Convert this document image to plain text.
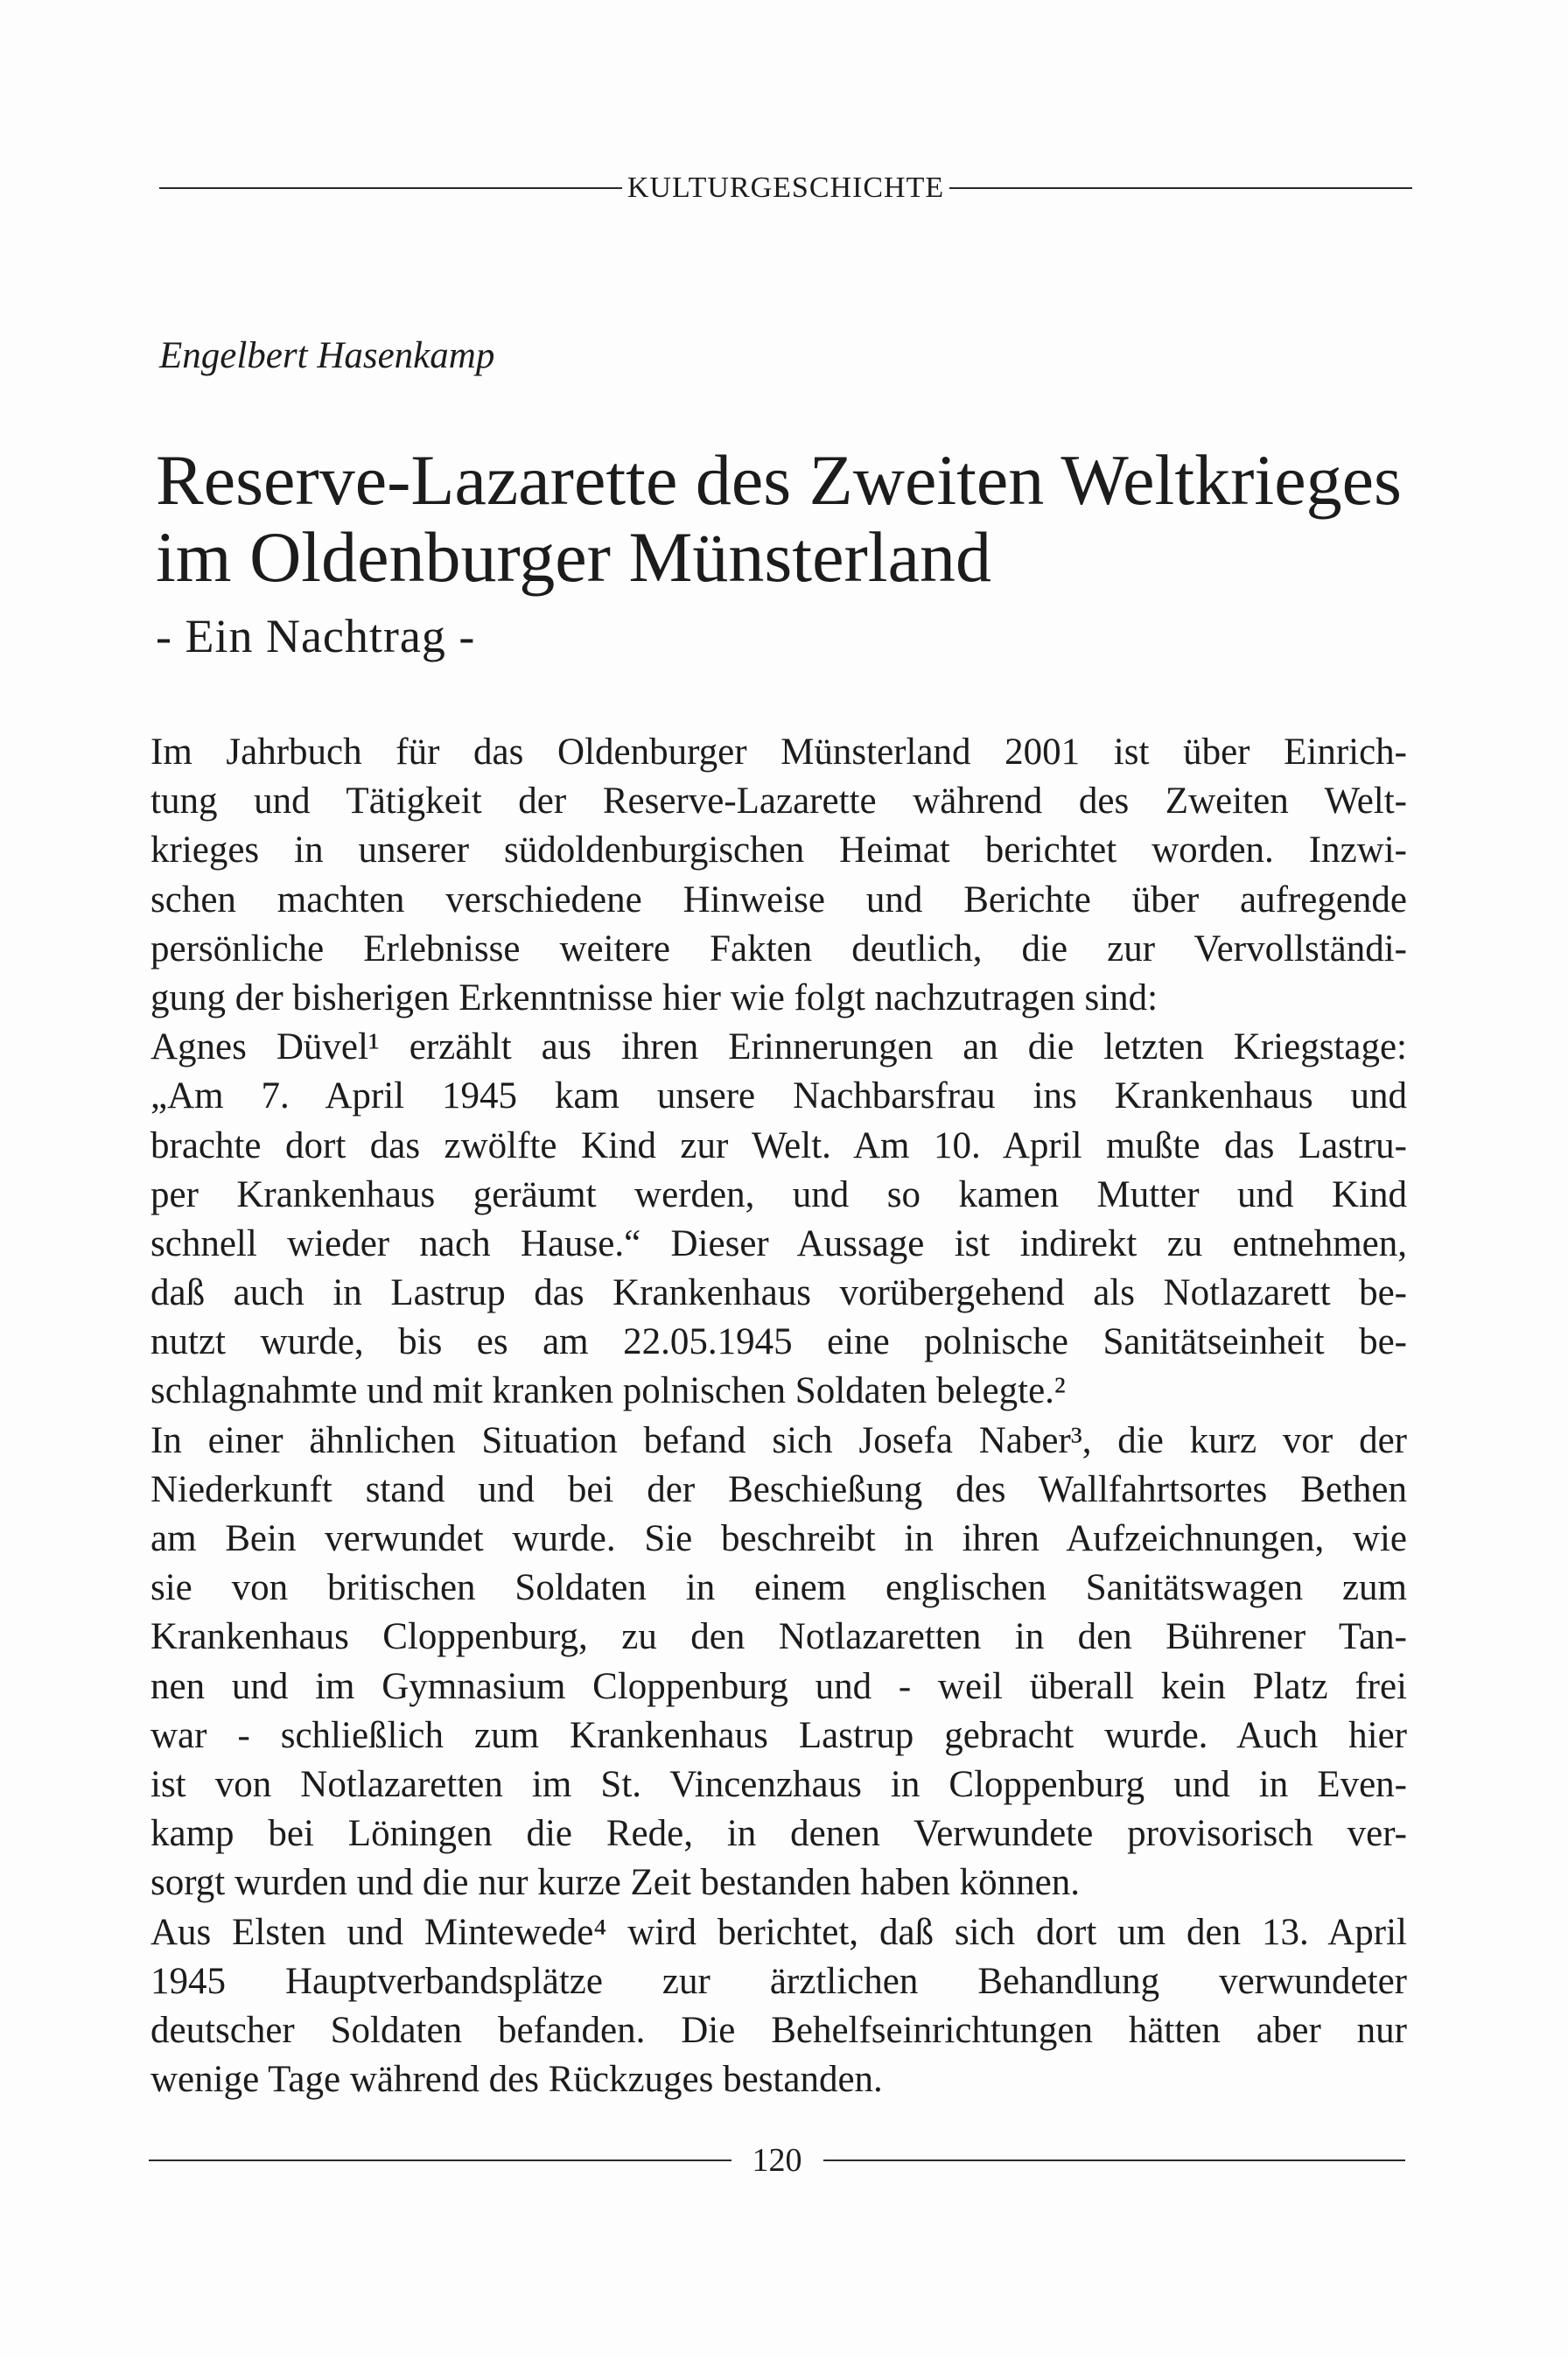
KULTURGESCHICHTE
Engelbert Hasenkamp
Reserve-Lazarette des Zweiten Weltkrieges
im Oldenburger Münsterland
- Ein Nachtrag -
Im Jahrbuch für das Oldenburger Münsterland 2001 ist über Einrich-
tung und Tätigkeit der Reserve-Lazarette während des Zweiten Welt-
krieges in unserer südoldenburgischen Heimat berichtet worden. Inzwi-
schen machten verschiedene Hinweise und Berichte über aufregende
persönliche Erlebnisse weitere Fakten deutlich, die zur Vervollständi-
gung der bisherigen Erkenntnisse hier wie folgt nachzutragen sind:
Agnes Düvel¹ erzählt aus ihren Erinnerungen an die letzten Kriegstage:
„Am 7. April 1945 kam unsere Nachbarsfrau ins Krankenhaus und
brachte dort das zwölfte Kind zur Welt. Am 10. April mußte das Lastru-
per Krankenhaus geräumt werden, und so kamen Mutter und Kind
schnell wieder nach Hause.“ Dieser Aussage ist indirekt zu entnehmen,
daß auch in Lastrup das Krankenhaus vorübergehend als Notlazarett be-
nutzt wurde, bis es am 22.05.1945 eine polnische Sanitätseinheit be-
schlagnahmte und mit kranken polnischen Soldaten belegte.²
In einer ähnlichen Situation befand sich Josefa Naber³, die kurz vor der
Niederkunft stand und bei der Beschießung des Wallfahrtsortes Bethen
am Bein verwundet wurde. Sie beschreibt in ihren Aufzeichnungen, wie
sie von britischen Soldaten in einem englischen Sanitätswagen zum
Krankenhaus Cloppenburg, zu den Notlazaretten in den Bührener Tan-
nen und im Gymnasium Cloppenburg und - weil überall kein Platz frei
war - schließlich zum Krankenhaus Lastrup gebracht wurde. Auch hier
ist von Notlazaretten im St. Vincenzhaus in Cloppenburg und in Even-
kamp bei Löningen die Rede, in denen Verwundete provisorisch ver-
sorgt wurden und die nur kurze Zeit bestanden haben können.
Aus Elsten und Mintewede⁴ wird berichtet, daß sich dort um den 13. April
1945 Hauptverbandsplätze zur ärztlichen Behandlung verwundeter
deutscher Soldaten befanden. Die Behelfseinrichtungen hätten aber nur
wenige Tage während des Rückzuges bestanden.
120
